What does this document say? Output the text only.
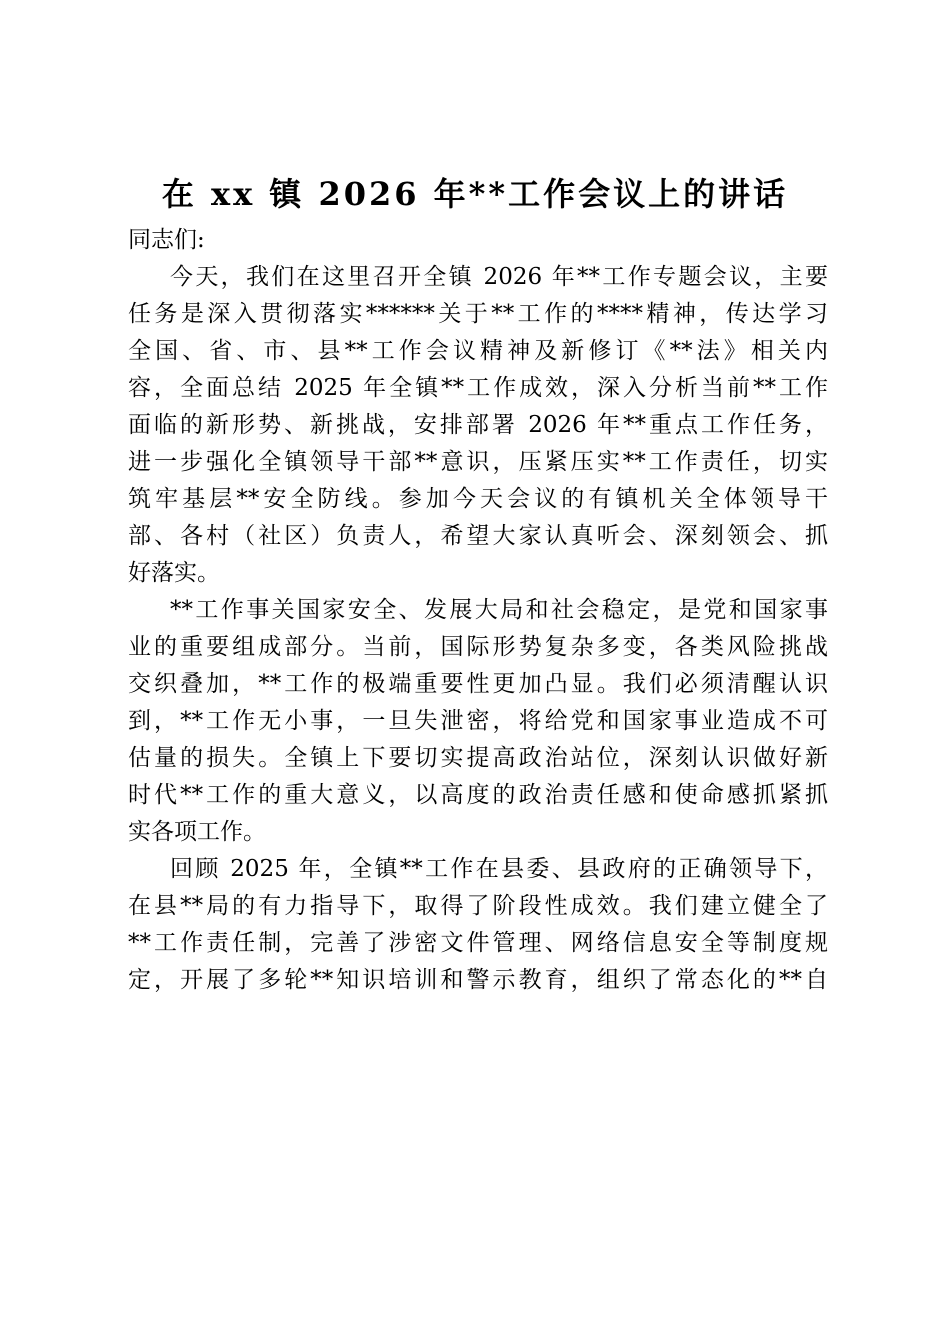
在 xx 镇 2026 年**工作会议上的讲话
同志们:
今天，我们在这里召开全镇 2026 年**工作专题会议，主要
任务是深入贯彻落实******关于**工作的****精神，传达学习
全国、省、市、县**工作会议精神及新修订《**法》相关内
容，全面总结 2025 年全镇**工作成效，深入分析当前**工作
面临的新形势、新挑战，安排部署 2026 年**重点工作任务，
进一步强化全镇领导干部**意识，压紧压实**工作责任，切实
筑牢基层**安全防线。参加今天会议的有镇机关全体领导干
部、各村（社区）负责人，希望大家认真听会、深刻领会、抓
好落实。
**工作事关国家安全、发展大局和社会稳定，是党和国家事
业的重要组成部分。当前，国际形势复杂多变，各类风险挑战
交织叠加，**工作的极端重要性更加凸显。我们必须清醒认识
到，**工作无小事，一旦失泄密，将给党和国家事业造成不可
估量的损失。全镇上下要切实提高政治站位，深刻认识做好新
时代**工作的重大意义，以高度的政治责任感和使命感抓紧抓
实各项工作。
回顾 2025 年，全镇**工作在县委、县政府的正确领导下，
在县**局的有力指导下，取得了阶段性成效。我们建立健全了
**工作责任制，完善了涉密文件管理、网络信息安全等制度规
定，开展了多轮**知识培训和警示教育，组织了常态化的**自
